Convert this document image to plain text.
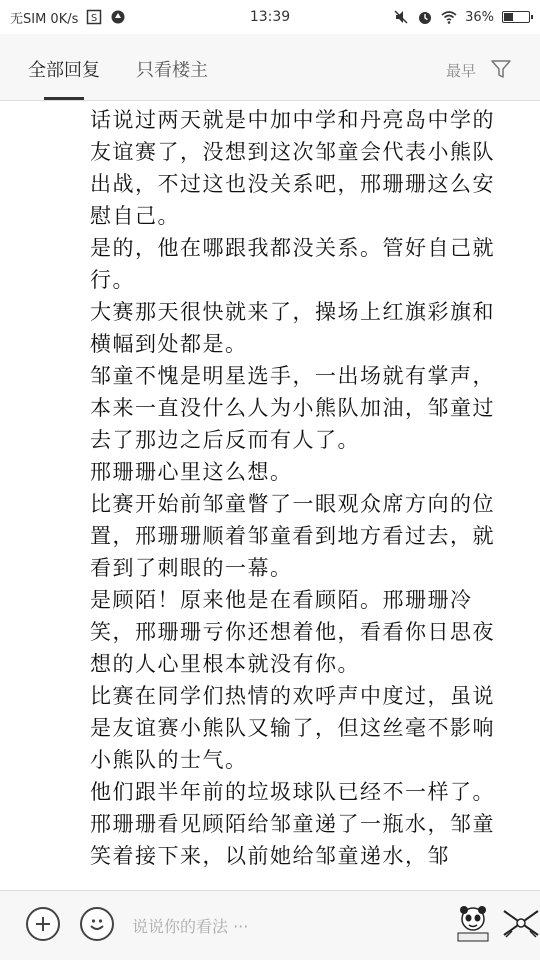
无SIM 0K/s S	13:39	36%
全部回复 只看楼主	最早

话说过两天就是中加中学和丹亮岛中学的友谊赛了，没想到这次邹童会代表小熊队出战，不过这也没关系吧，邢珊珊这么安慰自己。

是的，他在哪跟我都没关系。管好自己就行。

大赛那天很快就来了，操场上红旗彩旗和横幅到处都是。

邹童不愧是明星选手，一出场就有掌声，本来一直没什么人为小熊队加油，邹童过去了那边之后反而有人了。

邢珊珊心里这么想。

比赛开始前邹童瞥了一眼观众席方向的位置，邢珊珊顺着邹童看到地方看过去，就看到了刺眼的一幕。

是顾陌！原来他是在看顾陌。邢珊珊冷笑，邢珊珊亏你还想着他，看看你日思夜想的人心里根本就没有你。

比赛在同学们热情的欢呼声中度过，虽说是友谊赛小熊队又输了，但这丝毫不影响小熊队的士气。

他们跟半年前的垃圾球队已经不一样了。

邢珊珊看见顾陌给邹童递了一瓶水，邹童笑着接下来，以前她给邹童递水，邹

说说你的看法 ···
